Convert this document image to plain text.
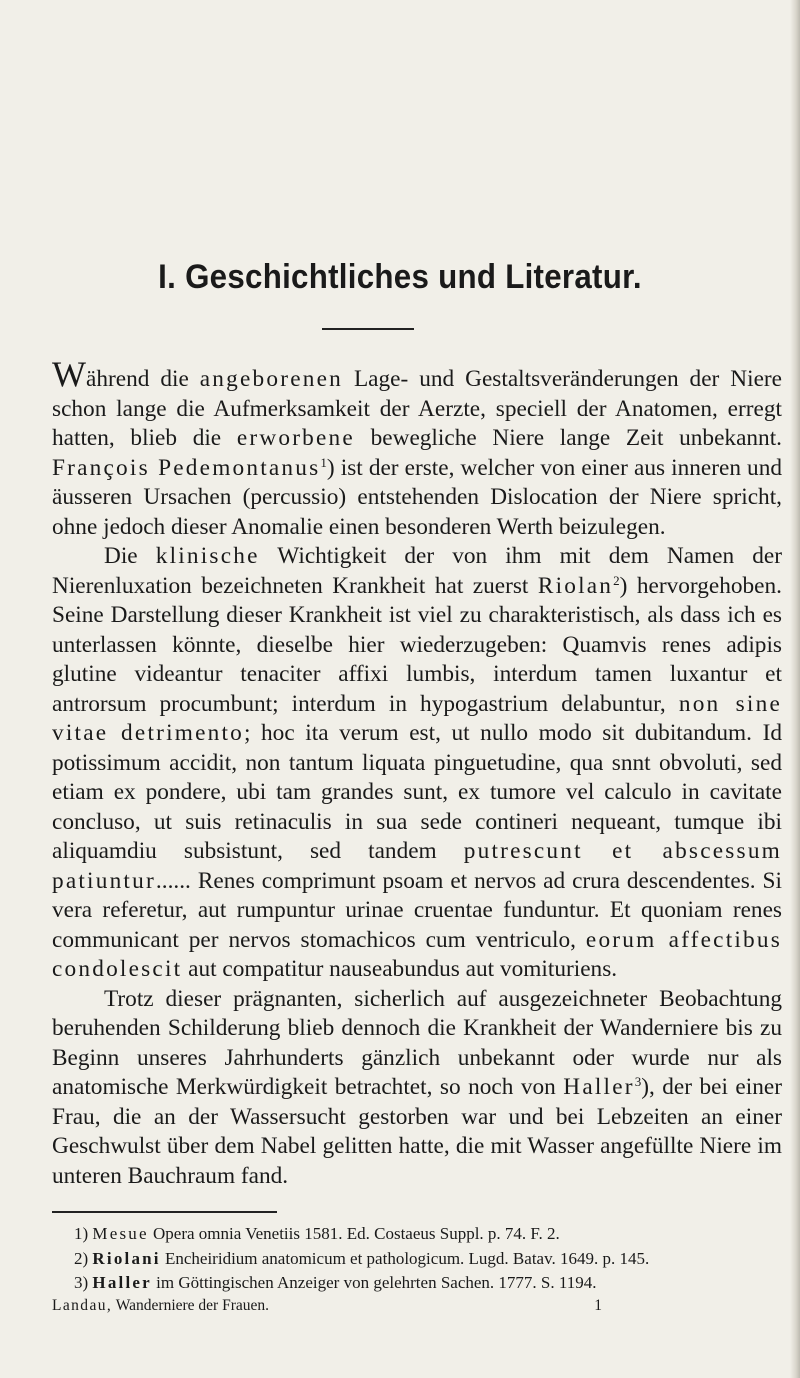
I. Geschichtliches und Literatur.

Während die angeborenen Lage- und Gestaltsveränderungen der Niere schon lange die Aufmerksamkeit der Aerzte, speciell der Anatomen, erregt hatten, blieb die erworbene bewegliche Niere lange Zeit unbekannt. François Pedemontanus$^1$) ist der erste, welcher von einer aus inneren und äusseren Ursachen (percussio) entstehenden Dislocation der Niere spricht, ohne jedoch dieser Anomalie einen besonderen Werth beizulegen.

Die klinische Wichtigkeit der von ihm mit dem Namen der Nierenluxation bezeichneten Krankheit hat zuerst Riolan$^2$) hervorgehoben. Seine Darstellung dieser Krankheit ist viel zu charakteristisch, als dass ich es unterlassen könnte, dieselbe hier wiederzugeben: Quamvis renes adipis glutine videantur tenaciter affixi lumbis, interdum tamen luxantur et antrorsum procumbunt; interdum in hypogastrium delabuntur, non sine vitae detrimento; hoc ita verum est, ut nullo modo sit dubitandum. Id potissimum accidit, non tantum liquata pinguetudine, qua snnt obvoluti, sed etiam ex pondere, ubi tam grandes sunt, ex tumore vel calculo in cavitate concluso, ut suis retinaculis in sua sede contineri nequeant, tumque ibi aliquamdiu subsistunt, sed tandem putrescunt et abscessum patiuntur...... Renes comprimunt psoam et nervos ad crura descendentes. Si vera referetur, aut rumpuntur urinae cruentae funduntur. Et quoniam renes communicant per nervos stomachicos cum ventriculo, eorum affectibus condolescit aut compatitur nauseabundus aut vomituriens.

Trotz dieser prägnanten, sicherlich auf ausgezeichneter Beobachtung beruhenden Schilderung blieb dennoch die Krankheit der Wanderniere bis zu Beginn unseres Jahrhunderts gänzlich unbekannt oder wurde nur als anatomische Merkwürdigkeit betrachtet, so noch von Haller$^3$), der bei einer Frau, die an der Wassersucht gestorben war und bei Lebzeiten an einer Geschwulst über dem Nabel gelitten hatte, die mit Wasser angefüllte Niere im unteren Bauchraum fand.

1) Mesue Opera omnia Venetiis 1581. Ed. Costaeus Suppl. p. 74. F. 2.

2) Riolani Encheiridium anatomicum et pathologicum. Lugd. Batav. 1649. p. 145.

3) Haller im Göttingischen Anzeiger von gelehrten Sachen. 1777. S. 1194.

Landau, Wanderniere der Frauen.	1
